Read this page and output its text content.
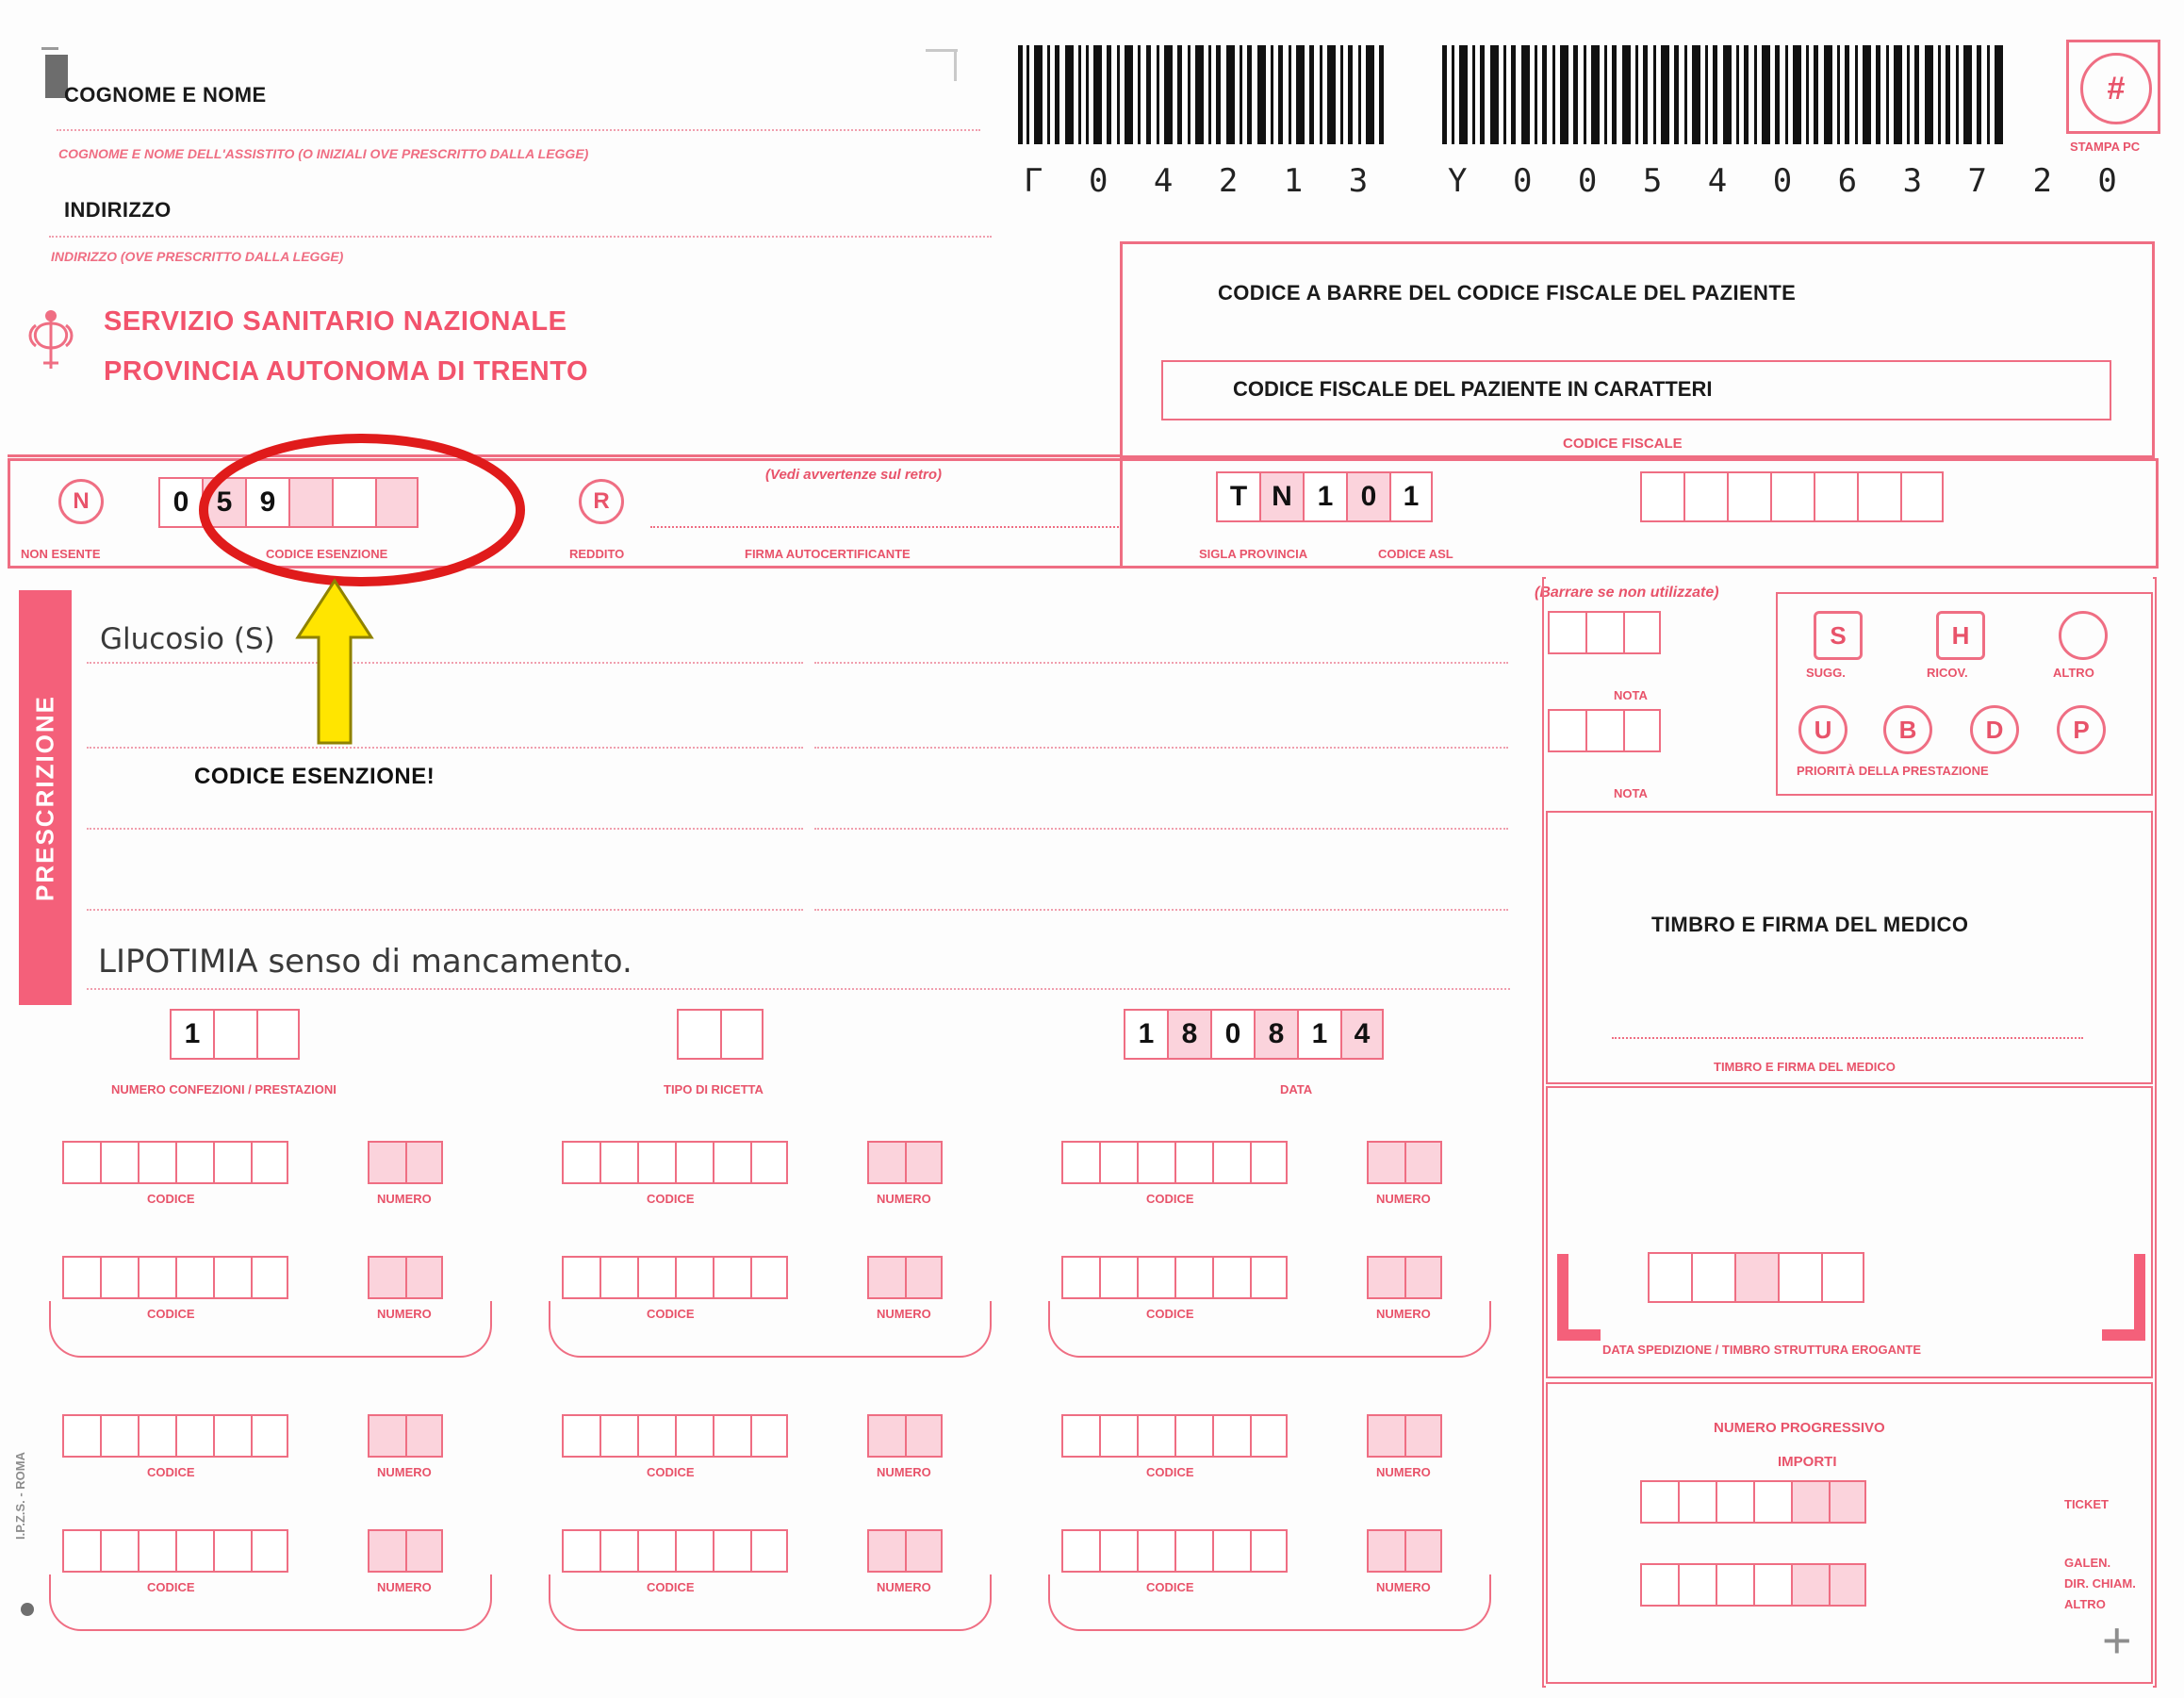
+
COGNOME E NOME
COGNOME E NOME DELL'ASSISTITO (O INIZIALI OVE PRESCRITTO DALLA LEGGE)
INDIRIZZO
INDIRIZZO (OVE PRESCRITTO DALLA LEGGE)
SERVIZIO SANITARIO NAZIONALE
PROVINCIA AUTONOMA DI TRENTO
Γ 0 4 2 1 3 Y 0 0 5 4 0 6 3 7 2 0
#
STAMPA PC
CODICE A BARRE DEL CODICE FISCALE DEL PAZIENTE
CODICE FISCALE DEL PAZIENTE IN CARATTERI
CODICE FISCALE
N
NON ESENTE
0 5 9
CODICE ESENZIONE
R
REDDITO	FIRMA AUTOCERTIFICANTE
(Vedi avvertenze sul retro)
T N 1 0 1
SIGLA PROVINCIA	CODICE ASL
PRESCRIZIONE
Glucosio (S)
LIPOTIMIA senso di mancamento.
CODICE ESENZIONE!
(Barrare se non utilizzate)
NOTA
NOTA
S	H
SUGG.	RICOV.	ALTRO
U	B	D	P
PRIORITÀ DELLA PRESTAZIONE
TIMBRO E FIRMA DEL MEDICO
TIMBRO E FIRMA DEL MEDICO
1
NUMERO CONFEZIONI / PRESTAZIONI	TIPO DI RICETTA
1 8 0 8 1 4
DATA
CODICE	NUMERO
CODICE	NUMERO
CODICE	NUMERO
CODICE	NUMERO
CODICE	NUMERO
CODICE	NUMERO
CODICE	NUMERO
CODICE	NUMERO
CODICE	NUMERO
CODICE	NUMERO
CODICE	NUMERO
CODICE	NUMERO
DATA SPEDIZIONE / TIMBRO STRUTTURA EROGANTE
NUMERO PROGRESSIVO
IMPORTI
TICKET
GALEN.
DIR. CHIAM.
ALTRO
I.P.Z.S. - ROMA
